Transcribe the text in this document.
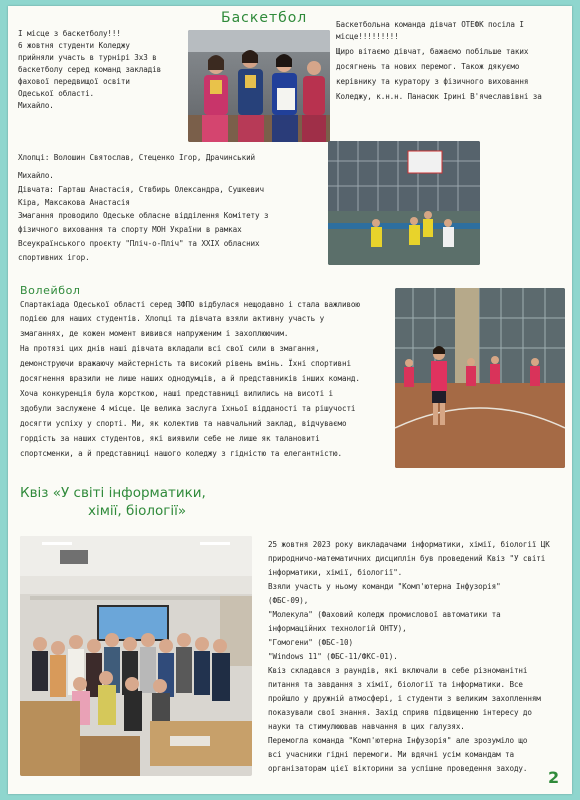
Баскетбол
І місце з баскетболу!!!
6 жовтня студенти Коледжу
прийняли участь в турнірі 3х3 в
баскетболу серед команд закладів
фахової передвищої освіти
Одеської області.
Михайло.
Баскетбольна команда дівчат ОТЕФК посіла І
місце!!!!!!!!!
Щиро вітаємо дівчат, бажаємо побільше таких
досягнень та нових перемог. Також дякуємо
керівнику та куратору з фізичного виховання
Коледжу, к.н.н. Панасюк Ірині В'ячеславівні за
Хлопці: Волошин Святослав, Стеценко Ігор, Драчинський
Михайло.
Дівчата: Гарташ Анастасія, Ствбирь Олександра, Сушкевич
Кіра, Максакова Анастасія
Змагання проводило Одеське обласне відділення Комітету з
фізичного виховання та спорту МОН України в рамках
Всеукраїнського проєкту "Пліч-о-Пліч" та ХХІХ обласних
спортивних ігор.
Волейбол
Спартакіада Одеської області серед ЗФПО відбулася нещодавно і стала важливою
подією для наших студентів. Хлопці та дівчата взяли активну участь у
змаганнях, де кожен момент вивився напруженим і захоплюючим.
На протязі цих днів наші дівчата вкладали всі свої сили в змагання,
демонструючи вражаючу майстерність та високий рівень вмінь. Їхні спортивні
досягнення вразили не лише наших однодумців, а й представників інших команд.
Хоча конкуренція була жорсткою, наші представниці вилились на висоті і
здобули заслужене 4 місце. Це велика заслуга їхньої відданості та рішучості
досягти успіху у спорті. Ми, як колектив та навчальний заклад, відчуваємо
гордість за наших студентов, які виявили себе не лише як талановиті
спортсменки, а й представниці нашого коледжу з гідністю та елегантністю.
Квіз «У світі інформатики,
хімії, біології»
25 жовтня 2023 року викладачами інформатики, хімії, біології ЦК
природничо-математичних дисциплін був проведений Квіз "У світі
інформатики, хімії, біології".
Взяли участь у ньому команди "Комп'ютерна Інфузорія"
(ФБС-09),
"Молекула" (Фаховий коледж промислової автоматики та
інформаційних технологій ОНТУ),
"Гомогени" (ФБС-10)
"Windows 11" (ФБС-11/ФКС-01).
Квіз складався з раундів, які включали в себе різноманітні
питання та завдання з хімії, біології та інформатики. Все
пройшло у дружній атмосфері, і студенти з великим захопленням
показували свої знання. Захід сприяв підвищенню інтересу до
науки та стимулюював навчання в цих галузях.
Перемогла команда "Комп'ютерна Інфузорія" але зрозуміло що
всі учасники гідні перемоги. Ми вдячні усім командам та
організаторам цієї вікторини за успішне проведення заходу.	2
